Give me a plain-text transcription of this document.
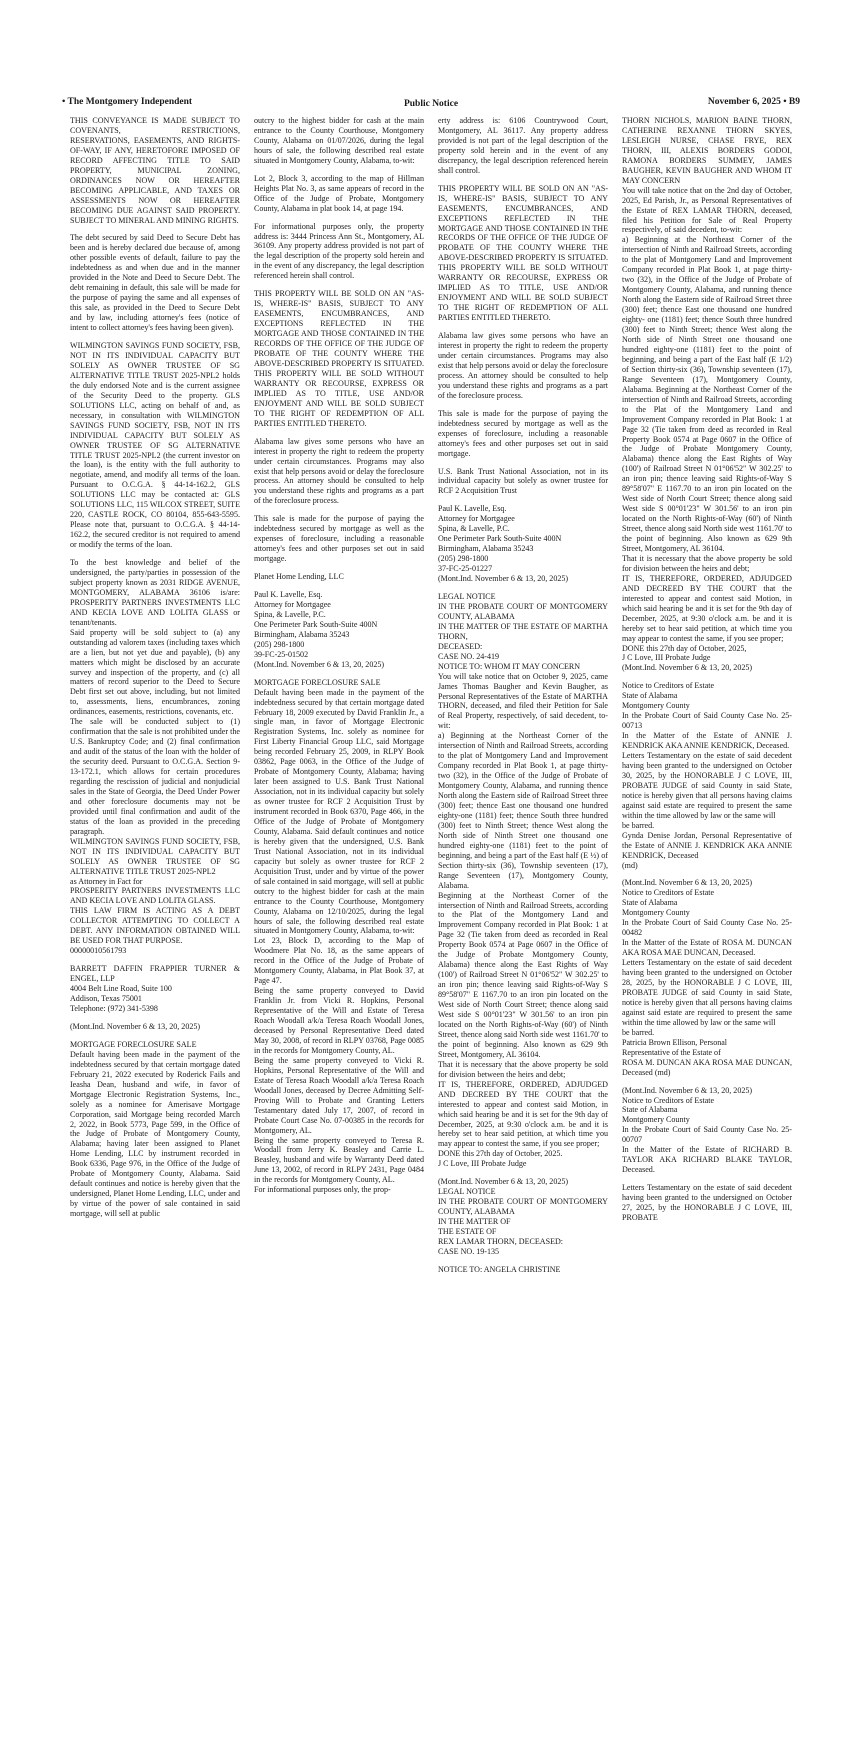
• The Montgomery Independent	Public Notice	November 6, 2025 • B9

THIS CONVEYANCE IS MADE SUBJECT TO COVENANTS, RESTRICTIONS, RESERVATIONS, EASEMENTS, AND RIGHTS-OF-WAY, IF ANY, HERETOFORE IMPOSED OF RECORD AFFECTING TITLE TO SAID PROPERTY, MUNICIPAL ZONING, ORDINANCES NOW OR HEREAFTER BECOMING APPLICABLE, AND TAXES OR ASSESSMENTS NOW OR HEREAFTER BECOMING DUE AGAINST SAID PROPERTY. SUBJECT TO MINERAL AND MINING RIGHTS.

The debt secured by said Deed to Secure Debt has been and is hereby declared due because of, among other possible events of default, failure to pay the indebtedness as and when due and in the manner provided in the Note and Deed to Secure Debt. The debt remaining in default, this sale will be made for the purpose of paying the same and all expenses of this sale, as provided in the Deed to Secure Debt and by law, including attorney's fees (notice of intent to collect attorney's fees having been given).

WILMINGTON SAVINGS FUND SOCIETY, FSB, NOT IN ITS INDIVIDUAL CAPACITY BUT SOLELY AS OWNER TRUSTEE OF SG ALTERNATIVE TITLE TRUST 2025-NPL2 holds the duly endorsed Note and is the current assignee of the Security Deed to the property. GLS SOLUTIONS LLC, acting on behalf of and, as necessary, in consultation with WILMINGTON SAVINGS FUND SOCIETY, FSB, NOT IN ITS INDIVIDUAL CAPACITY BUT SOLELY AS OWNER TRUSTEE OF SG ALTERNATIVE TITLE TRUST 2025-NPL2 (the current investor on the loan), is the entity with the full authority to negotiate, amend, and modify all terms of the loan. Pursuant to O.C.G.A. § 44-14-162.2, GLS SOLUTIONS LLC may be contacted at: GLS SOLUTIONS LLC, 115 WILCOX STREET, SUITE 220, CASTLE ROCK, CO 80104, 855-643-5595. Please note that, pursuant to O.C.G.A. § 44-14-162.2, the secured creditor is not required to amend or modify the terms of the loan.

To the best knowledge and belief of the undersigned, the party/parties in possession of the subject property known as 2031 RIDGE AVENUE, MONTGOMERY, ALABAMA 36106 is/are: PROSPERITY PARTNERS INVESTMENTS LLC AND KECIA LOVE AND LOLITA GLASS or tenant/tenants.

Said property will be sold subject to (a) any outstanding ad valorem taxes (including taxes which are a lien, but not yet due and payable), (b) any matters which might be disclosed by an accurate survey and inspection of the property, and (c) all matters of record superior to the Deed to Secure Debt first set out above, including, but not limited to, assessments, liens, encumbrances, zoning ordinances, easements, restrictions, covenants, etc.

The sale will be conducted subject to (1) confirmation that the sale is not prohibited under the U.S. Bankruptcy Code; and (2) final confirmation and audit of the status of the loan with the holder of the security deed. Pursuant to O.C.G.A. Section 9-13-172.1, which allows for certain procedures regarding the rescission of judicial and nonjudicial sales in the State of Georgia, the Deed Under Power and other foreclosure documents may not be provided until final confirmation and audit of the status of the loan as provided in the preceding paragraph.

WILMINGTON SAVINGS FUND SOCIETY, FSB, NOT IN ITS INDIVIDUAL CAPACITY BUT SOLELY AS OWNER TRUSTEE OF SG ALTERNATIVE TITLE TRUST 2025-NPL2

as Attorney in Fact for

PROSPERITY PARTNERS INVESTMENTS LLC AND KECIA LOVE AND LOLITA GLASS.

THIS LAW FIRM IS ACTING AS A DEBT COLLECTOR ATTEMPTING TO COLLECT A DEBT. ANY INFORMATION OBTAINED WILL BE USED FOR THAT PURPOSE.

00000010561793

BARRETT DAFFIN FRAPPIER TURNER & ENGEL, LLP

4004 Belt Line Road, Suite 100

Addison, Texas 75001

Telephone: (972) 341-5398

(Mont.Ind. November 6 & 13, 20, 2025)

MORTGAGE FORECLOSURE SALE

Default having been made in the payment of the indebtedness secured by that certain mortgage dated February 21, 2022 executed by Roderick Fails and Ieasha Dean, husband and wife, in favor of Mortgage Electronic Registration Systems, Inc., solely as a nominee for Amerisave Mortgage Corporation, said Mortgage being recorded March 2, 2022, in Book 5773, Page 599, in the Office of the Judge of Probate of Montgomery County, Alabama; having later been assigned to Planet Home Lending, LLC by instrument recorded in Book 6336, Page 976, in the Office of the Judge of Probate of Montgomery County, Alabama. Said default continues and notice is hereby given that the undersigned, Planet Home Lending, LLC, under and by virtue of the power of sale contained in said mortgage, will sell at public

outcry to the highest bidder for cash at the main entrance to the County Courthouse, Montgomery County, Alabama on 01/07/2026, during the legal hours of sale, the following described real estate situated in Montgomery County, Alabama, to-wit:

Lot 2, Block 3, according to the map of Hillman Heights Plat No. 3, as same appears of record in the Office of the Judge of Probate, Montgomery County, Alabama in plat book 14, at page 194.

For informational purposes only, the property address is: 3444 Princess Ann St., Montgomery, AL 36109. Any property address provided is not part of the legal description of the property sold herein and in the event of any discrepancy, the legal description referenced herein shall control.

THIS PROPERTY WILL BE SOLD ON AN "AS-IS, WHERE-IS" BASIS, SUBJECT TO ANY EASEMENTS, ENCUMBRANCES, AND EXCEPTIONS REFLECTED IN THE MORTGAGE AND THOSE CONTAINED IN THE RECORDS OF THE OFFICE OF THE JUDGE OF PROBATE OF THE COUNTY WHERE THE ABOVE-DESCRIBED PROPERTY IS SITUATED. THIS PROPERTY WILL BE SOLD WITHOUT WARRANTY OR RECOURSE, EXPRESS OR IMPLIED AS TO TITLE, USE AND/OR ENJOYMENT AND WILL BE SOLD SUBJECT TO THE RIGHT OF REDEMPTION OF ALL PARTIES ENTITLED THERETO.

Alabama law gives some persons who have an interest in property the right to redeem the property under certain circumstances. Programs may also exist that help persons avoid or delay the foreclosure process. An attorney should be consulted to help you understand these rights and programs as a part of the foreclosure process.

This sale is made for the purpose of paying the indebtedness secured by mortgage as well as the expenses of foreclosure, including a reasonable attorney's fees and other purposes set out in said mortgage.

Planet Home Lending, LLC

Paul K. Lavelle, Esq.

Attorney for Mortgagee

Spina, & Lavelle, P.C.

One Perimeter Park South-Suite 400N

Birmingham, Alabama 35243

(205) 298-1800

39-FC-25-01502

(Mont.Ind. November 6 & 13, 20, 2025)

MORTGAGE FORECLOSURE SALE

Default having been made in the payment of the indebtedness secured by that certain mortgage dated February 18, 2009 executed by David Franklin Jr., a single man, in favor of Mortgage Electronic Registration Systems, Inc. solely as nominee for First Liberty Financial Group LLC, said Mortgage being recorded February 25, 2009, in RLPY Book 03862, Page 0063, in the Office of the Judge of Probate of Montgomery County, Alabama; having later been assigned to U.S. Bank Trust National Association, not in its individual capacity but solely as owner trustee for RCF 2 Acquisition Trust by instrument recorded in Book 6370, Page 466, in the Office of the Judge of Probate of Montgomery County, Alabama. Said default continues and notice is hereby given that the undersigned, U.S. Bank Trust National Association, not in its individual capacity but solely as owner trustee for RCF 2 Acquisition Trust, under and by virtue of the power of sale contained in said mortgage, will sell at public outcry to the highest bidder for cash at the main entrance to the County Courthouse, Montgomery County, Alabama on 12/10/2025, during the legal hours of sale, the following described real estate situated in Montgomery County, Alabama, to-wit:

Lot 23, Block D, according to the Map of Woodmere Plat No. 18, as the same appears of record in the Office of the Judge of Probate of Montgomery County, Alabama, in Plat Book 37, at Page 47.

Being the same property conveyed to David Franklin Jr. from Vicki R. Hopkins, Personal Representative of the Will and Estate of Teresa Roach Woodall a/k/a Teresa Roach Woodall Jones, deceased by Personal Representative Deed dated May 30, 2008, of record in RLPY 03768, Page 0085 in the records for Montgomery County, AL.

Being the same property conveyed to Vicki R. Hopkins, Personal Representative of the Will and Estate of Teresa Roach Woodall a/k/a Teresa Roach Woodall Jones, deceased by Decree Admitting Self-Proving Will to Probate and Granting Letters Testamentary dated July 17, 2007, of record in Probate Court Case No. 07-00385 in the records for Montgomery, AL.

Being the same property conveyed to Teresa R. Woodall from Jerry K. Beasley and Carrie L. Beasley, husband and wife by Warranty Deed dated June 13, 2002, of record in RLPY 2431, Page 0484 in the records for Montgomery County, AL.

For informational purposes only, the prop-

erty address is: 6106 Countrywood Court, Montgomery, AL 36117. Any property address provided is not part of the legal description of the property sold herein and in the event of any discrepancy, the legal description referenced herein shall control.

THIS PROPERTY WILL BE SOLD ON AN "AS-IS, WHERE-IS" BASIS, SUBJECT TO ANY EASEMENTS, ENCUMBRANCES, AND EXCEPTIONS REFLECTED IN THE MORTGAGE AND THOSE CONTAINED IN THE RECORDS OF THE OFFICE OF THE JUDGE OF PROBATE OF THE COUNTY WHERE THE ABOVE-DESCRIBED PROPERTY IS SITUATED. THIS PROPERTY WILL BE SOLD WITHOUT WARRANTY OR RECOURSE, EXPRESS OR IMPLIED AS TO TITLE, USE AND/OR ENJOYMENT AND WILL BE SOLD SUBJECT TO THE RIGHT OF REDEMPTION OF ALL PARTIES ENTITLED THERETO.

Alabama law gives some persons who have an interest in property the right to redeem the property under certain circumstances. Programs may also exist that help persons avoid or delay the foreclosure process. An attorney should be consulted to help you understand these rights and programs as a part of the foreclosure process.

This sale is made for the purpose of paying the indebtedness secured by mortgage as well as the expenses of foreclosure, including a reasonable attorney's fees and other purposes set out in said mortgage.

U.S. Bank Trust National Association, not in its individual capacity but solely as owner trustee for RCF 2 Acquisition Trust

Paul K. Lavelle, Esq.

Attorney for Mortgagee

Spina, & Lavelle, P.C.

One Perimeter Park South-Suite 400N

Birmingham, Alabama 35243

(205) 298-1800

37-FC-25-01227

(Mont.Ind. November 6 & 13, 20, 2025)

LEGAL NOTICE

IN THE PROBATE COURT OF MONTGOMERY COUNTY, ALABAMA

IN THE MATTER OF THE ESTATE OF MARTHA THORN,

DECEASED:

CASE NO. 24-419

NOTICE TO: WHOM IT MAY CONCERN

You will take notice that on October 9, 2025, came James Thomas Baugher and Kevin Baugher, as Personal Representatives of the Estate of MARTHA THORN, deceased, and filed their Petition for Sale of Real Property, respectively, of said decedent, to-wit:

a) Beginning at the Northeast Corner of the intersection of Ninth and Railroad Streets, according to the plat of Montgomery Land and Improvement Company recorded in Plat Book 1, at page thirty-two (32), in the Office of the Judge of Probate of Montgomery County, Alabama, and running thence North along the Eastern side of Railroad Street three (300) feet; thence East one thousand one hundred eighty-one (1181) feet; thence South three hundred (300) feet to Ninth Street; thence West along the North side of Ninth Street one thousand one hundred eighty-one (1181) feet to the point of beginning, and being a part of the East half (E ½) of Section thirty-six (36), Township seventeen (17), Range Seventeen (17), Montgomery County, Alabama.

Beginning at the Northeast Corner of the intersection of Ninth and Railroad Streets, according to the Plat of the Montgomery Land and Improvement Company recorded in Plat Book: 1 at Page 32 (Tie taken from deed as recorded in Real Property Book 0574 at Page 0607 in the Office of the Judge of Probate Montgomery County, Alabama) thence along the East Rights of Way (100') of Railroad Street N 01°06'52" W 302.25' to an iron pin; thence leaving said Rights-of-Way S 89°58'07" E 1167.70 to an iron pin located on the West side of North Court Street; thence along said West side S 00°01'23" W 301.56' to an iron pin located on the North Rights-of-Way (60') of Ninth Street, thence along said North side west 1161.70' to the point of beginning. Also known as 629 9th Street, Montgomery, AL 36104.

That it is necessary that the above property be sold for division between the heirs and debt;

IT IS, THEREFORE, ORDERED, ADJUDGED AND DECREED BY THE COURT that the interested to appear and contest said Motion, in which said hearing be and it is set for the 9th day of December, 2025, at 9:30 o'clock a.m. be and it is hereby set to hear said petition, at which time you may appear to contest the same, if you see proper;

DONE this 27th day of October, 2025.

J C Love, III Probate Judge

(Mont.Ind. November 6 & 13, 20, 2025)

LEGAL NOTICE

IN THE PROBATE COURT OF MONTGOMERY COUNTY, ALABAMA

IN THE MATTER OF

THE ESTATE OF

REX LAMAR THORN, DECEASED:

CASE NO. 19-135

NOTICE TO: ANGELA CHRISTINE

THORN NICHOLS, MARION BAINE THORN, CATHERINE REXANNE THORN SKYES, LESLEIGH NURSE, CHASE FRYE, REX THORN, III, ALEXIS BORDERS GODOI, RAMONA BORDERS SUMMEY, JAMES BAUGHER, KEVIN BAUGHER AND WHOM IT MAY CONCERN

You will take notice that on the 2nd day of October, 2025, Ed Parish, Jr., as Personal Representatives of the Estate of REX LAMAR THORN, deceased, filed his Petition for Sale of Real Property respectively, of said decedent, to-wit:

a) Beginning at the Northeast Corner of the intersection of Ninth and Railroad Streets, according to the plat of Montgomery Land and Improvement Company recorded in Plat Book 1, at page thirty-two (32), in the Office of the Judge of Probate of Montgomery County, Alabama, and running thence North along the Eastern side of Railroad Street three (300) feet; thence East one thousand one hundred eighty- one (1181) feet; thence South three hundred (300) feet to Ninth Street; thence West along the North side of Ninth Street one thousand one hundred eighty-one (1181) feet to the point of beginning, and being a part of the East half (E 1/2) of Section thirty-six (36), Township seventeen (17), Range Seventeen (17), Montgomery County, Alabama. Beginning at the Northeast Corner of the intersection of Ninth and Railroad Streets, according to the Plat of the Montgomery Land and Improvement Company recorded in Plat Book: 1 at Page 32 (Tie taken from deed as recorded in Real Property Book 0574 at Page 0607 in the Office of the Judge of Probate Montgomery County, Alabama) thence along the East Rights of Way (100') of Railroad Street N 01°06'52" W 302.25' to an iron pin; thence leaving said Rights-of-Way S 89°58'07" E 1167.70 to an iron pin located on the West side of North Court Street; thence along said West side S 00°01'23" W 301.56' to an iron pin located on the North Rights-of-Way (60') of Ninth Street, thence along said North side west 1161.70' to the point of beginning. Also known as 629 9th Street, Montgomery, AL 36104.

That it is necessary that the above property be sold for division between the heirs and debt;

IT IS, THEREFORE, ORDERED, ADJUDGED AND DECREED BY THE COURT that the interested to appear and contest said Motion, in which said hearing be and it is set for the 9th day of December, 2025, at 9:30 o'clock a.m. be and it is hereby set to hear said petition, at which time you may appear to contest the same, if you see proper;

DONE this 27th day of October, 2025,

J C Love, III Probate Judge

(Mont.Ind. November 6 & 13, 20, 2025)

Notice to Creditors of Estate

State of Alabama

Montgomery County

In the Probate Court of Said County Case No. 25-00713

In the Matter of the Estate of ANNIE J. KENDRICK AKA ANNIE KENDRICK, Deceased.

Letters Testamentary on the estate of said decedent having been granted to the undersigned on October 30, 2025, by the HONORABLE J C LOVE, III, PROBATE JUDGE of said County in said State, notice is hereby given that all persons having claims against said estate are required to present the same within the time allowed by law or the same will

be barred.

Gynda Denise Jordan, Personal Representative of the Estate of ANNIE J. KENDRICK AKA ANNIE KENDRICK, Deceased

(md)

(Mont.Ind. November 6 & 13, 20, 2025)

Notice to Creditors of Estate

State of Alabama

Montgomery County

In the Probate Court of Said County Case No. 25-00482

In the Matter of the Estate of ROSA M. DUNCAN AKA ROSA MAE DUNCAN, Deceased.

Letters Testamentary on the estate of said decedent having been granted to the undersigned on October 28, 2025, by the HONORABLE J C LOVE, III, PROBATE JUDGE of said County in said State, notice is hereby given that all persons having claims against said estate are required to present the same within the time allowed by law or the same will

be barred.

Patricia Brown Ellison, Personal

Representative of the Estate of

ROSA M. DUNCAN AKA ROSA MAE DUNCAN, Deceased (md)

(Mont.Ind. November 6 & 13, 20, 2025)

Notice to Creditors of Estate

State of Alabama

Montgomery County

In the Probate Court of Said County Case No. 25-00707

In the Matter of the Estate of RICHARD B. TAYLOR AKA RICHARD BLAKE TAYLOR, Deceased.

Letters Testamentary on the estate of said decedent having been granted to the undersigned on October 27, 2025, by the HONORABLE J C LOVE, III, PROBATE
